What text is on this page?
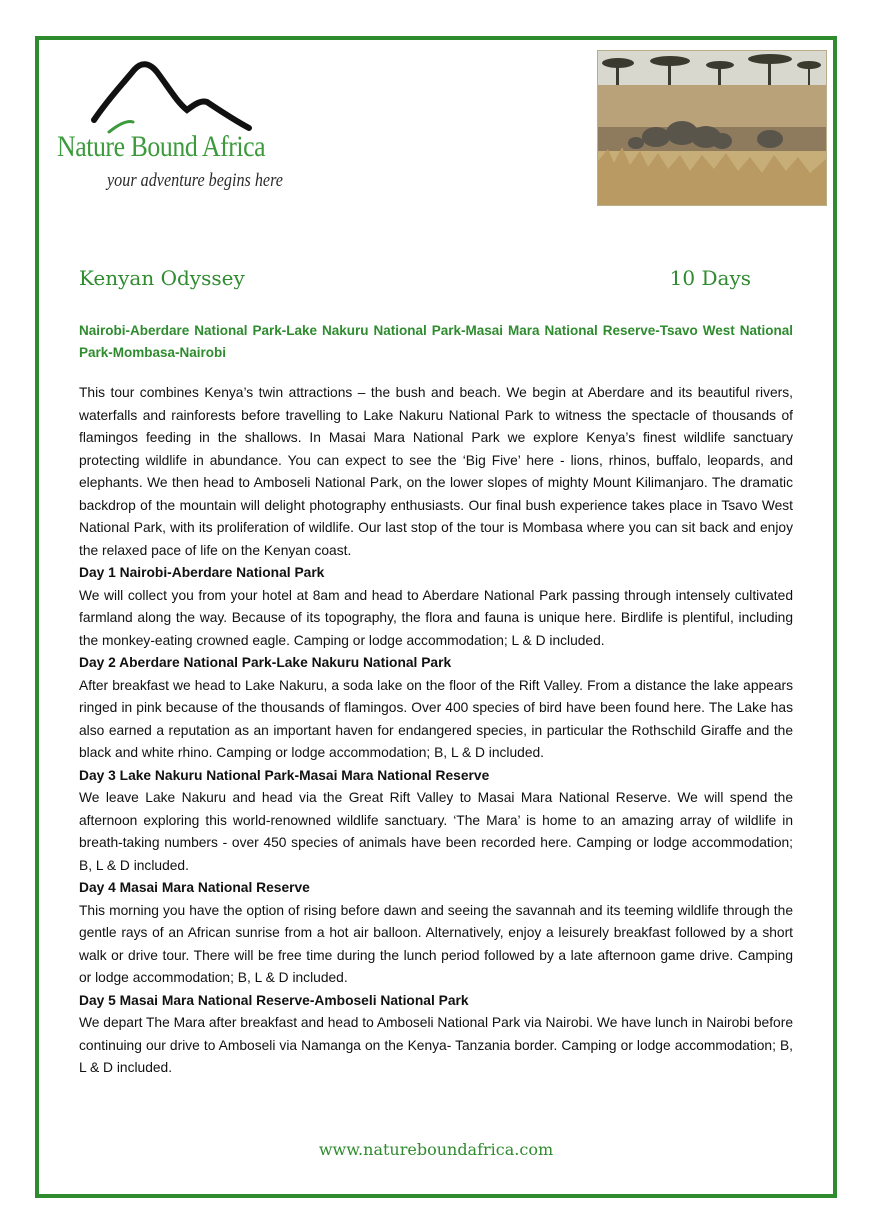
Nature Bound Africa
your adventure begins here
Kenyan Odyssey	10 Days
Nairobi-Aberdare National Park-Lake Nakuru National Park-Masai Mara National Reserve-Tsavo West National Park-Mombasa-Nairobi

This tour combines Kenya’s twin attractions – the bush and beach. We begin at Aberdare and its beautiful rivers, waterfalls and rainforests before travelling to Lake Nakuru National Park to witness the spectacle of thousands of flamingos feeding in the shallows. In Masai Mara National Park we explore Kenya’s finest wildlife sanctuary protecting wildlife in abundance. You can expect to see the ‘Big Five’ here - lions, rhinos, buffalo, leopards, and elephants. We then head to Amboseli National Park, on the lower slopes of mighty Mount Kilimanjaro. The dramatic backdrop of the mountain will delight photography enthusiasts. Our final bush experience takes place in Tsavo West National Park, with its proliferation of wildlife. Our last stop of the tour is Mombasa where you can sit back and enjoy the relaxed pace of life on the Kenyan coast.

Day 1 Nairobi-Aberdare National Park

We will collect you from your hotel at 8am and head to Aberdare National Park passing through intensely cultivated farmland along the way. Because of its topography, the flora and fauna is unique here. Birdlife is plentiful, including the monkey-eating crowned eagle. Camping or lodge accommodation; L & D included.

Day 2 Aberdare National Park-Lake Nakuru National Park

After breakfast we head to Lake Nakuru, a soda lake on the floor of the Rift Valley. From a distance the lake appears ringed in pink because of the thousands of flamingos. Over 400 species of bird have been found here. The Lake has also earned a reputation as an important haven for endangered species, in particular the Rothschild Giraffe and the black and white rhino. Camping or lodge accommodation; B, L & D included.

Day 3 Lake Nakuru National Park-Masai Mara National Reserve

We leave Lake Nakuru and head via the Great Rift Valley to Masai Mara National Reserve. We will spend the afternoon exploring this world-renowned wildlife sanctuary. ‘The Mara’ is home to an amazing array of wildlife in breath-taking numbers - over 450 species of animals have been recorded here. Camping or lodge accommodation; B, L & D included.

Day 4 Masai Mara National Reserve

This morning you have the option of rising before dawn and seeing the savannah and its teeming wildlife through the gentle rays of an African sunrise from a hot air balloon. Alternatively, enjoy a leisurely breakfast followed by a short walk or drive tour. There will be free time during the lunch period followed by a late afternoon game drive. Camping or lodge accommodation; B, L & D included.

Day 5 Masai Mara National Reserve-Amboseli National Park

We depart The Mara after breakfast and head to Amboseli National Park via Nairobi. We have lunch in Nairobi before continuing our drive to Amboseli via Namanga on the Kenya- Tanzania border. Camping or lodge accommodation; B, L & D included.

www.natureboundafrica.com
